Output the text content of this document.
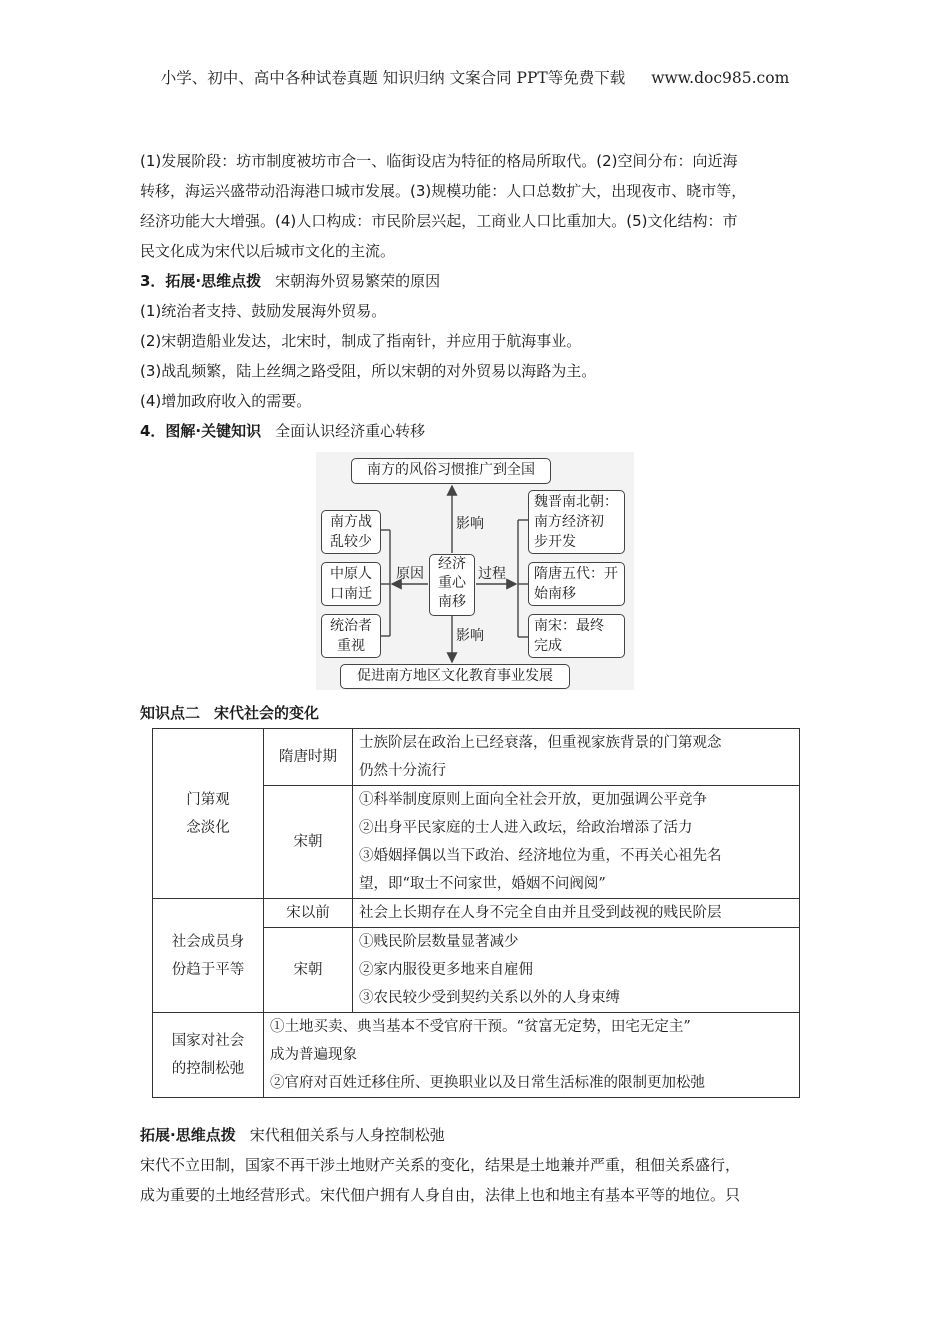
小学、初中、高中各种试卷真题 知识归纳 文案合同 PPT等免费下载 www.doc985.com
(1)发展阶段：坊市制度被坊市合一、临街设店为特征的格局所取代。(2)空间分布：向近海
转移，海运兴盛带动沿海港口城市发展。(3)规模功能：人口总数扩大，出现夜市、晓市等，
经济功能大大增强。(4)人口构成：市民阶层兴起，工商业人口比重加大。(5)文化结构：市
民文化成为宋代以后城市文化的主流。
3．拓展·思维点拨 宋朝海外贸易繁荣的原因
(1)统治者支持、鼓励发展海外贸易。
(2)宋朝造船业发达，北宋时，制成了指南针，并应用于航海事业。
(3)战乱频繁，陆上丝绸之路受阻，所以宋朝的对外贸易以海路为主。
(4)增加政府收入的需要。
4．图解·关键知识 全面认识经济重心转移
南方的风俗习惯推广到全国
影响
影响
原因	过程
经济
重心
南移
南方战
乱较少
中原人
口南迁
统治者
重视
魏晋南北朝：
南方经济初
步开发
隋唐五代：开
始南移
南宋：最终
完成
促进南方地区文化教育事业发展
知识点二 宋代社会的变化
门第观
念淡化	隋唐时期	士族阶层在政治上已经衰落，但重视家族背景的门第观念
仍然十分流行

	宋朝	①科举制度原则上面向全社会开放，更加强调公平竞争
②出身平民家庭的士人进入政坛，给政治增添了活力
③婚姻择偶以当下政治、经济地位为重，不再关心祖先名
望，即“取士不问家世，婚姻不问阀阅”

社会成员身
份趋于平等	宋以前	社会上长期存在人身不完全自由并且受到歧视的贱民阶层

	宋朝	①贱民阶层数量显著减少
②家内服役更多地来自雇佣
③农民较少受到契约关系以外的人身束缚

国家对社会
的控制松弛	①土地买卖、典当基本不受官府干预。“贫富无定势，田宅无定主”
成为普遍现象
②官府对百姓迁移住所、更换职业以及日常生活标准的限制更加松弛	
拓展·思维点拨 宋代租佃关系与人身控制松弛
宋代不立田制，国家不再干涉土地财产关系的变化，结果是土地兼并严重，租佃关系盛行，
成为重要的土地经营形式。宋代佃户拥有人身自由，法律上也和地主有基本平等的地位。只
